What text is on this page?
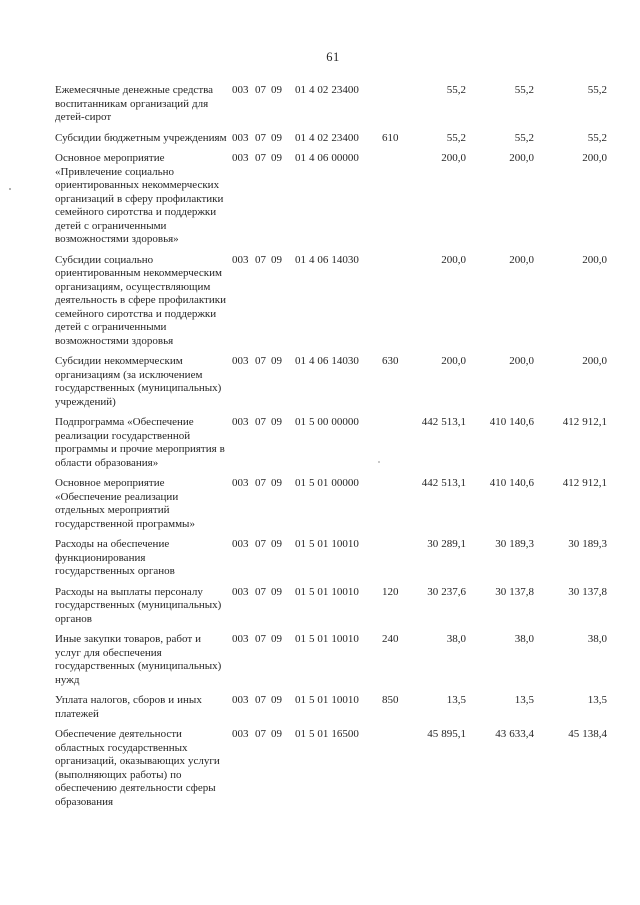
61
Ежемесячные денежные средства воспитанникам организаций для детей-сирот	003	07	09	01 4 02 23400		55,2	55,2	55,2
Субсидии бюджетным учреждениям	003	07	09	01 4 02 23400	610	55,2	55,2	55,2
Основное мероприятие «Привлечение социально ориентированных некоммерческих организаций в сферу профилактики семейного сиротства и поддержки детей с ограниченными возможностями здоровья»	003	07	09	01 4 06 00000		200,0	200,0	200,0
Субсидии социально ориентированным некоммерческим организациям, осуществляющим деятельность в сфере профилактики семейного сиротства и поддержки детей с ограниченными возможностями здоровья	003	07	09	01 4 06 14030		200,0	200,0	200,0
Субсидии некоммерческим организациям (за исключением государственных (муниципальных) учреждений)	003	07	09	01 4 06 14030	630	200,0	200,0	200,0
Подпрограмма «Обеспечение реализации государственной программы и прочие мероприятия в области образования»	003	07	09	01 5 00 00000		442 513,1	410 140,6	412 912,1
Основное мероприятие «Обеспечение реализации отдельных мероприятий государственной программы»	003	07	09	01 5 01 00000		442 513,1	410 140,6	412 912,1
Расходы на обеспечение функционирования государственных органов	003	07	09	01 5 01 10010		30 289,1	30 189,3	30 189,3
Расходы на выплаты персоналу государственных (муниципальных) органов	003	07	09	01 5 01 10010	120	30 237,6	30 137,8	30 137,8
Иные закупки товаров, работ и услуг для обеспечения государственных (муниципальных) нужд	003	07	09	01 5 01 10010	240	38,0	38,0	38,0
Уплата налогов, сборов и иных платежей	003	07	09	01 5 01 10010	850	13,5	13,5	13,5
Обеспечение деятельности областных государственных организаций, оказывающих услуги (выполняющих работы) по обеспечению деятельности сферы образования	003	07	09	01 5 01 16500		45 895,1	43 633,4	45 138,4
